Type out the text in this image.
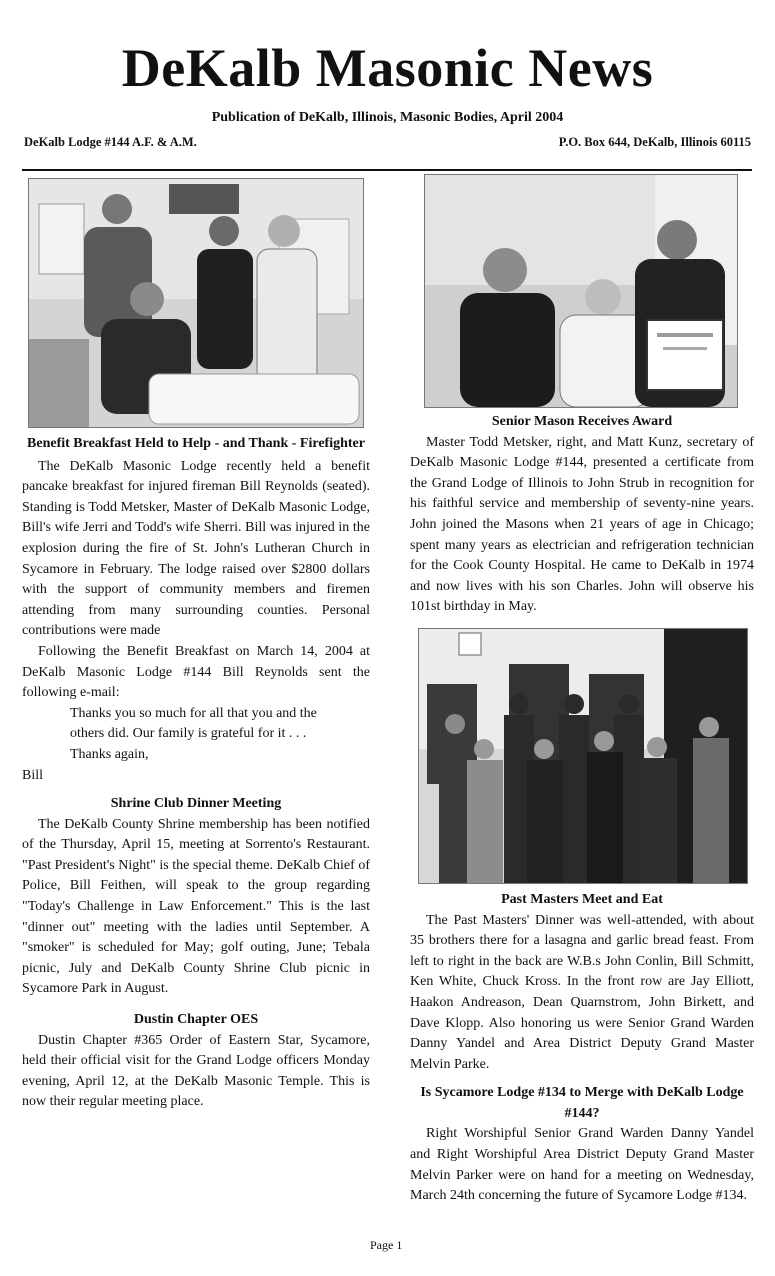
DeKalb Masonic News
Publication of DeKalb, Illinois, Masonic Bodies, April 2004
DeKalb Lodge #144 A.F. & A.M.	P.O. Box 644, DeKalb, Illinois 60115
Benefit Breakfast Held to Help - and Thank - Firefighter

The DeKalb Masonic Lodge recently held a benefit pancake breakfast for injured fireman Bill Reynolds (seated). Standing is Todd Metsker, Master of DeKalb Masonic Lodge, Bill's wife Jerri and Todd's wife Sherri. Bill was injured in the explosion during the fire of St. John's Lutheran Church in Sycamore in February. The lodge raised over $2800 dollars with the support of community members and firemen attending from many surrounding counties. Personal contributions were made

Following the Benefit Breakfast on March 14, 2004 at DeKalb Masonic Lodge #144 Bill Reynolds sent the following e-mail:

Thanks you so much for all that you and the
others did. Our family is grateful for it . . .
Thanks again,

Bill

Shrine Club Dinner Meeting

The DeKalb County Shrine membership has been notified of the Thursday, April 15, meeting at Sorrento's Restaurant. "Past President's Night" is the special theme. DeKalb Chief of Police, Bill Feithen, will speak to the group regarding "Today's Challenge in Law Enforcement." This is the last "dinner out" meeting with the ladies until September. A "smoker" is scheduled for May; golf outing, June; Tebala picnic, July and DeKalb County Shrine Club picnic in Sycamore Park in August.

Dustin Chapter OES

Dustin Chapter #365 Order of Eastern Star, Sycamore, held their official visit for the Grand Lodge officers Monday evening, April 12, at the DeKalb Masonic Temple. This is now their regular meeting place.

Senior Mason Receives Award

Master Todd Metsker, right, and Matt Kunz, secretary of DeKalb Masonic Lodge #144, presented a certificate from the Grand Lodge of Illinois to John Strub in recognition for his faithful service and membership of seventy-nine years. John joined the Masons when 21 years of age in Chicago; spent many years as electrician and refrigeration technician for the Cook County Hospital. He came to DeKalb in 1974 and now lives with his son Charles. John will observe his 101st birthday in May.

Past Masters Meet and Eat

The Past Masters' Dinner was well-attended, with about 35 brothers there for a lasagna and garlic bread feast. From left to right in the back are W.B.s John Conlin, Bill Schmitt, Ken White, Chuck Kross. In the front row are Jay Elliott, Haakon Andreason, Dean Quarnstrom, John Birkett, and Dave Klopp. Also honoring us were Senior Grand Warden Danny Yandel and Area District Deputy Grand Master Melvin Parke.

Is Sycamore Lodge #134 to Merge with DeKalb Lodge #144?

Right Worshipful Senior Grand Warden Danny Yandel and Right Worshipful Area District Deputy Grand Master Melvin Parker were on hand for a meeting on Wednesday, March 24th concerning the future of Sycamore Lodge #134.

Page 1
